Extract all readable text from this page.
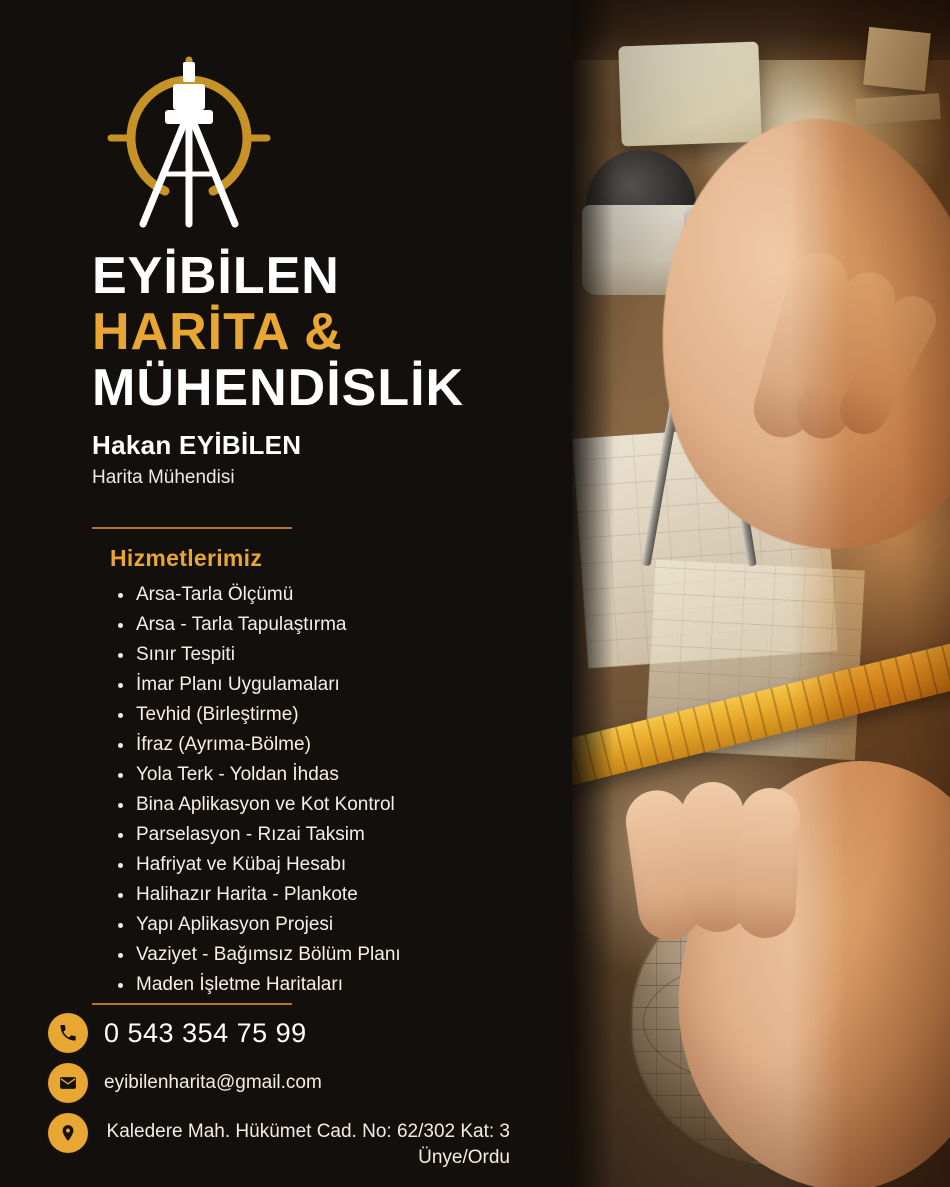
EYİBİLEN
HARİTA &
MÜHENDİSLİK
Hakan EYİBİLEN
Harita Mühendisi
Hizmetlerimiz
Arsa-Tarla Ölçümü
Arsa - Tarla Tapulaştırma
Sınır Tespiti
İmar Planı Uygulamaları
Tevhid (Birleştirme)
İfraz (Ayrıma-Bölme)
Yola Terk - Yoldan İhdas
Bina Aplikasyon ve Kot Kontrol
Parselasyon - Rızai Taksim
Hafriyat ve Kübaj Hesabı
Halihazır Harita - Plankote
Yapı Aplikasyon Projesi
Vaziyet - Bağımsız Bölüm Planı
Maden İşletme Haritaları
0 543 354 75 99
eyibilenharita@gmail.com
Kaledere Mah. Hükümet Cad. No: 62/302 Kat: 3
Ünye/Ordu
